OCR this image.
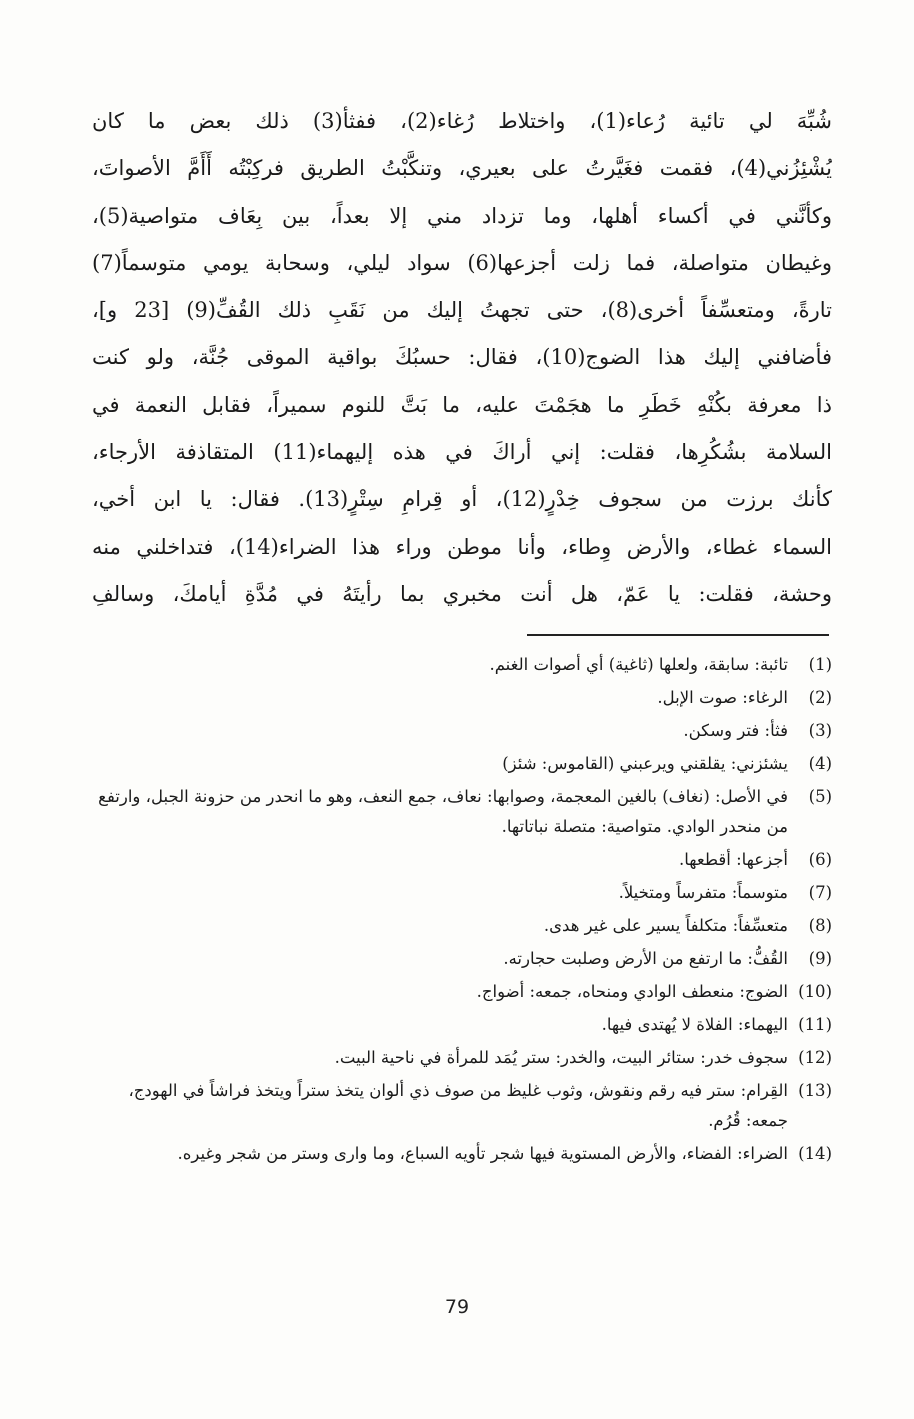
شُبِّهَ لي تائية رُعاء(1)، واختلاط رُغاء(2)، ففثأ(3) ذلك بعض ما كان
يُشْئِزُني(4)، فقمت فغَيَّرتُ على بعيري، وتنكَّبْتُ الطريق فركِبْتُه أَأَمَّ الأصواتَ،
وكأنَّني في أكساء أهلها، وما تزداد مني إلا بعداً، بين بِعَاف متواصية(5)،
وغيطان متواصلة، فما زلت أجزعها(6) سواد ليلي، وسحابة يومي متوسماً(7)
تارةً، ومتعسِّفاً أخرى(8)، حتى تجهتُ إليك من نَقَبِ ذلك القُفِّ(9) [23 و]،
فأضافني إليك هذا الضوج(10)، فقال: حسبُكَ بواقية الموقى جُنَّة، ولو كنت
ذا معرفة بكُنْهِ خَطَرِ ما هجَمْتَ عليه، ما بَتَّ للنوم سميراً، فقابل النعمة في
السلامة بشُكُرِها، فقلت: إني أراكَ في هذه إليهماء(11) المتقاذفة الأرجاء،
كأنك برزت من سجوف خِدْرٍ(12)، أو قِرامِ سِتْرٍ(13). فقال: يا ابن أخي،
السماء غطاء، والأرض وِطاء، وأنا موطن وراء هذا الضراء(14)، فتداخلني منه
وحشة، فقلت: يا عَمّ، هل أنت مخبري بما رأيتَهُ في مُدَّةِ أيامكَ، وسالفِ
(1)
تائبة: سابقة، ولعلها (ثاغية) أي أصوات الغنم.
(2)
الرغاء: صوت الإبل.
(3)
فثأ: فتر وسكن.
(4)
يشئزني: يقلقني ويرعبني (القاموس: شئز)
(5)
في الأصل: (نغاف) بالغين المعجمة، وصوابها: نعاف، جمع النعف، وهو ما انحدر من حزونة الجبل، وارتفع من منحدر الوادي. متواصية: متصلة نباتاتها.
(6)
أجزعها: أقطعها.
(7)
متوسماً: متفرساً ومتخيلاً.
(8)
متعسِّفاً: متكلفاً يسير على غير هدى.
(9)
القُفُّ: ما ارتفع من الأرض وصلبت حجارته.
(10)
الضوج: منعطف الوادي ومنحاه، جمعه: أضواج.
(11)
اليهماء: الفلاة لا يُهتدى فيها.
(12)
سجوف خدر: ستائر البيت، والخدر: ستر يُمَد للمرأة في ناحية البيت.
(13)
القِرام: ستر فيه رقم ونقوش، وثوب غليظ من صوف ذي ألوان يتخذ ستراً ويتخذ فراشاً في الهودج، جمعه: قُرُم.
(14)
الضراء: الفضاء، والأرض المستوية فيها شجر تأويه السباع، وما وارى وستر من شجر وغيره.
79
